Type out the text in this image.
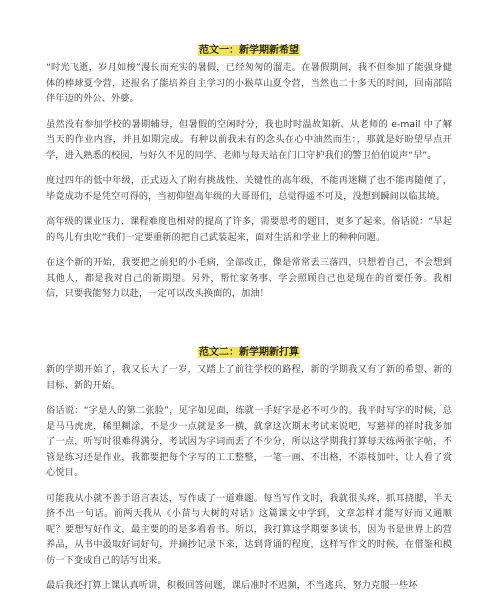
范文一：新学期新希望

“时光飞逝，岁月如梭”漫长而充实的暑假，已经匆匆的溜走。在暑假期间，我不但参加了能强身健体的棒球夏令营，还报名了能培养自主学习的小猴草山夏令营，当然也二十多天的时间，回南部陪伴年迈的外公、外婆。

虽然没有参加学校的暑期辅导，但暑假的空闲时分，我也时时温故知新、从老师的 e-mail 中了解当天的作业内容，并且如期完成。有种以前我未有的念头在心中油然而生：，那就是好盼望早点开学，进入熟悉的校园，与好久不见的同学、老师与每天站在门口守护我们的警卫伯伯说声“早”。

度过四年的低中年级，正式迈入了附有挑战性、关键性的高年级，不能再迷糊了也不能再随便了，毕竟成功不是凭空可得的，当初仰望高年级的大哥哥们，总觉得遥不可及，没想到瞬间以临其境。

高年级的课业压力、课程难度也相对的提高了许多，需要思考的题目，更多了起来。俗话说：“早起的鸟儿有虫吃”我们一定要重新的把自己武装起来，面对生活和学业上的种种问题。

在这个新的开始，我要把之前犯的小毛病，全部改正，像是常常丢三落四，只想着自己，不会想到其他人，都是我对自己的新期望。另外，帮忙家务事、学会照顾自己也是现在的首要任务。我相信，只要我能努力以赴，一定可以改头换面的，加油！

范文二：新学期新打算

新的学期开始了，我又长大了一岁，又踏上了前往学校的路程，新的学期我又有了新的希望、新的目标、新的开始。

俗话说：“字是人的第二张脸”，见字如见面，练就一手好字是必不可少的。我平时写字的时候，总是马马虎虎，稀里糊涂，不是少一点就是多一横，就拿这次期末考试来说吧，写慈祥的祥时我多加了一点，听写时很难得满分，考试因为字词而丢了不少分，所以这学期我打算每天练两张字帖，不管是练习还是作业，我都要把每个字写的工工整整，一笔一画、不出格，不添枝加叶，让人看了赏心悦目。

可能我从小就不善于语言表达，写作成了一道难题。每当写作文时，我就很头疼，抓耳挠腮，半天挤不出一句话。前两天我从《小苗与大树的对话》这篇课文中学到，文章怎样才能写好而又通顺呢？要想写好作文，最主要的的是多看看书。所以，我打算这学期要多读书，因为书是世界上的营养品，从书中汲取好词好句，并摘抄记录下来，达到背诵的程度，这样写作文的时候，在借鉴和模仿一下变成自己的话写出来。

最后我还打算上课认真听讲，积极回答问题，课后准时不迟频，不当逃兵，努力克服一些坏
